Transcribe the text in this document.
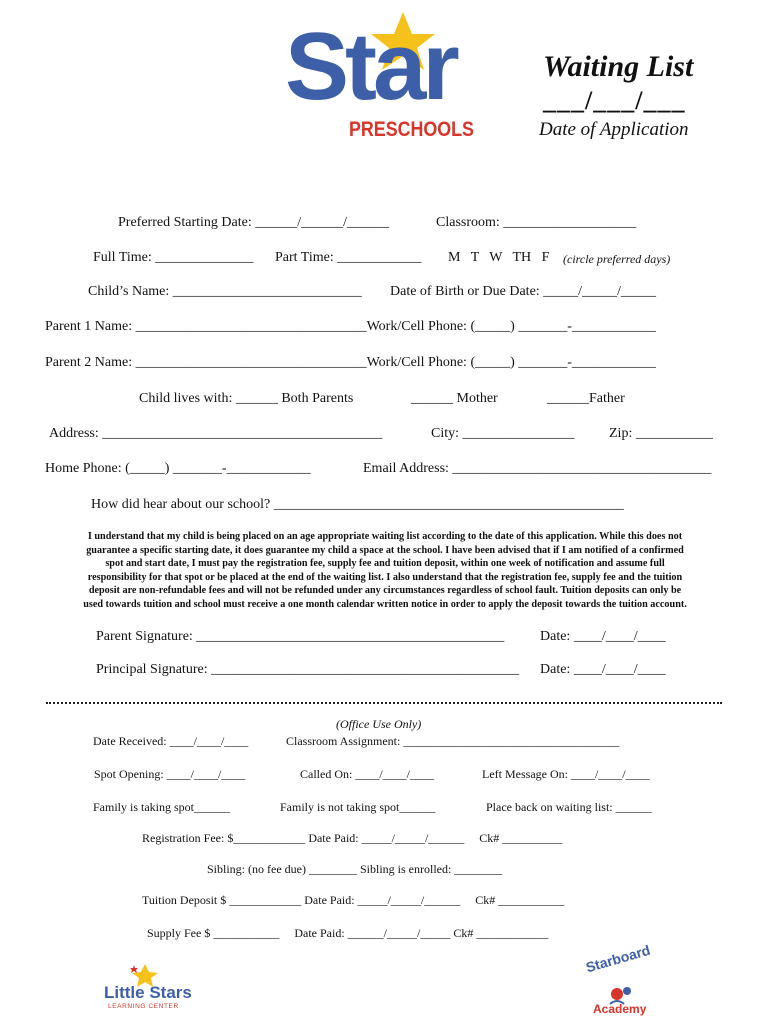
Star
PRESCHOOLS
Waiting List
___/___/___
Date of Application
Preferred Starting Date: ______/______/______	Classroom: ___________________
Full Time: ______________ Part Time: ____________ M   T   W   TH   F (circle preferred days)
Child’s Name: ___________________________ Date of Birth or Due Date: _____/_____/_____
Parent 1 Name: _________________________________Work/Cell Phone: (_____) _______-____________
Parent 2 Name: _________________________________Work/Cell Phone: (_____) _______-____________
Child lives with: ______ Both Parents	______ Mother	______Father
Address: ________________________________________	City: ________________ Zip: ___________
Home Phone: (_____) _______-____________	Email Address: _____________________________________
How did hear about our school? __________________________________________________
I understand that my child is being placed on an age appropriate waiting list according to the date of this application. While this does not
guarantee a specific starting date, it does guarantee my child a space at the school. I have been advised that if I am notified of a confirmed
spot and start date, I must pay the registration fee, supply fee and tuition deposit, within one week of notification and assume full
responsibility for that spot or be placed at the end of the waiting list. I also understand that the registration fee, supply fee and the tuition
deposit are non-refundable fees and will not be refunded under any circumstances regardless of school fault. Tuition deposits can only be
used towards tuition and school must receive a one month calendar written notice in order to apply the deposit towards the tuition account.
Parent Signature: ____________________________________________	Date: ____/____/____
Principal Signature: ____________________________________________ Date: ____/____/____
(Office Use Only)
Date Received: ____/____/____	Classroom Assignment: ____________________________________
Spot Opening: ____/____/____	Called On: ____/____/____	Left Message On: ____/____/____
Family is taking spot______	Family is not taking spot______	Place back on waiting list: ______
Registration Fee: $____________ Date Paid: _____/_____/______     Ck# __________
Sibling: (no fee due) ________ Sibling is enrolled: ________
Tuition Deposit $ ____________ Date Paid: _____/_____/______     Ck# ___________
Supply Fee $ ___________     Date Paid: ______/_____/_____ Ck# ____________
Little Stars
LEARNING CENTER
Starboard
Academy
